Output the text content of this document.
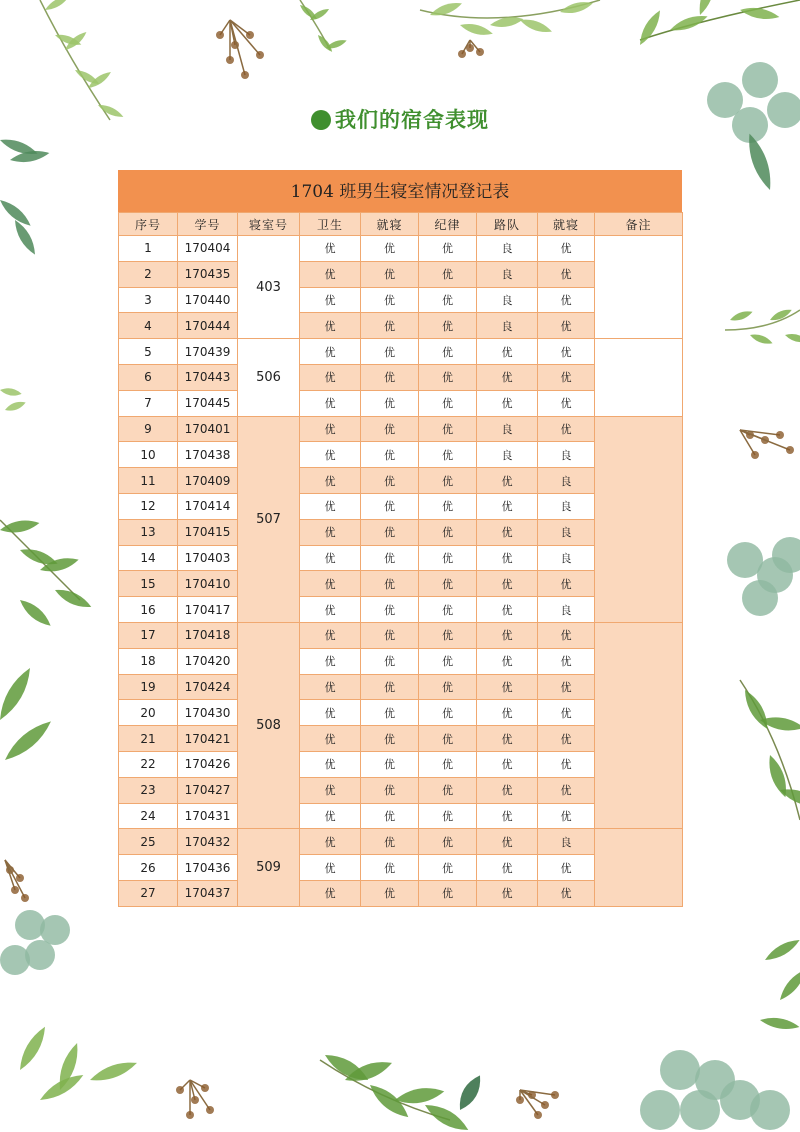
我们的宿舍表现
1704 班男生寝室情况登记表
序号	学号	寝室号	卫生	就寝	纪律	路队	就寝	备注
1	170404	403	优	优	优	良	优	
2	170435		优	优	优	良	优	
3	170440		优	优	优	良	优	
4	170444		优	优	优	良	优	
5	170439	506	优	优	优	优	优	
6	170443		优	优	优	优	优	
7	170445		优	优	优	优	优	
9	170401	507	优	优	优	良	优	
10	170438		优	优	优	良	良	
11	170409		优	优	优	优	良	
12	170414		优	优	优	优	良	
13	170415		优	优	优	优	良	
14	170403		优	优	优	优	良	
15	170410		优	优	优	优	优	
16	170417		优	优	优	优	良	
17	170418	508	优	优	优	优	优	
18	170420		优	优	优	优	优	
19	170424		优	优	优	优	优	
20	170430		优	优	优	优	优	
21	170421		优	优	优	优	优	
22	170426		优	优	优	优	优	
23	170427		优	优	优	优	优	
24	170431		优	优	优	优	优	
25	170432	509	优	优	优	优	良	
26	170436		优	优	优	优	优	
27	170437		优	优	优	优	优	
